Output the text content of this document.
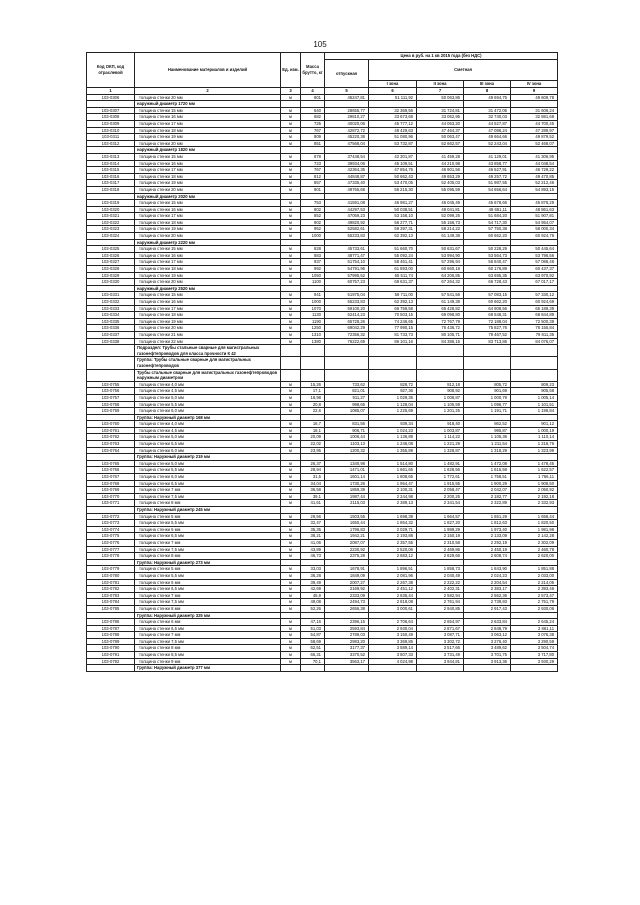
105
Код ОКП, код отраслевой	Наименование материалов и изделий	Ед. изм.	Масса брутто, кг	Цена в руб. на 1 кв 2015 года (без НДС)				
				отпускная	Сметная			
					I зона	II зона	III зона	IV зона
1	2	3	4	5	6	7	8	9
103-0306	толщина стенки 20 мм	м	801	45247,81	51 111,92	50 063,86	49 694,75	49 609,78
	наружный диаметр 1720 мм							
103-0307	толщина стенки 15 мм	м	640	28655,77	32 369,56	31 724,81	31 472,06	31 608,24
103-0308	толщина стенки 16 мм	м	682	29810,27	33 673,68	33 062,95	32 740,03	32 881,68
103-0309	толщина стенки 17 мм	м	725	40020,06	45 777,12	44 063,20	44 527,87	44 700,45
103-0310	толщина стенки 18 мм	м	767	42872,72	48 429,63	47 464,37	47 086,24	47 289,97
103-0311	толщина стенки 19 мм	м	809	45220,38	51 080,96	50 063,47	49 664,66	49 879,52
103-0312	толщина стенки 20 мм	м	851	47568,04	53 732,87	52 662,57	52 243,04	52 468,07
	наружный диаметр 1820 мм							
103-0313	толщина стенки 15 мм	м	678	37448,54	42 301,87	41 459,28	41 129,01	41 306,95
103-0314	толщина стенки 16 мм	м	723	39934,06	45 109,51	44 210,98	43 858,77	44 048,54
103-0315	толщина стенки 17 мм	м	767	42364,35	47 854,76	46 901,56	46 527,91	46 729,22
103-0316	толщина стенки 18 мм	м	812	44848,87	50 662,43	49 653,29	49 257,72	49 470,85
103-0317	толщина стенки 19 мм	м	857	47335,40	53 470,05	52 405,03	51 987,55	52 212,46
103-0318	толщина стенки 20 мм	м	901	49765,68	56 215,30	55 095,59	54 656,64	54 893,15
	наружный диаметр 2020 мм							
103-0319	толщина стенки 15 мм	м	753	41591,08	46 981,27	46 045,49	45 678,66	45 876,29
103-0320	толщина стенки 16 мм	м	802	44297,53	50 038,51	49 041,81	48 651,11	48 861,63
103-0321	толщина стенки 17 мм	м	852	47059,23	53 158,10	52 099,25	51 684,20	51 907,81
103-0322	толщина стенки 18 мм	м	902	49820,92	56 277,71	55 156,73	54 717,30	54 954,07
103-0323	толщина стенки 19 мм	м	952	52582,61	59 397,31	58 214,22	57 750,38	58 000,34
103-0324	толщина стенки 20 мм	м	1000	55233,83	62 392,13	61 149,38	60 662,20	60 924,76
	наружный диаметр 2220 мм							
103-0325	толщина стенки 15 мм	м	828	45733,61	51 660,70	50 631,67	50 228,29	50 445,64
103-0326	толщина стенки 16 мм	м	883	48771,47	55 092,24	53 994,90	53 564,73	53 796,56
103-0327	толщина стенки 17 мм	м	937	51754,10	58 461,41	57 296,94	56 840,47	57 086,46
103-0328	толщина стенки 18 мм	м	992	54791,96	61 893,00	60 660,18	60 176,89	60 437,37
103-0329	толщина стенки 19 мм	м	1050	57995,52	65 511,74	64 206,85	63 695,35	63 970,92
103-0330	толщина стенки 20 мм	м	1100	60757,23	68 631,37	67 264,32	66 728,43	67 017,17
	наружный диаметр 2520 мм							
103-0331	толщина стенки 15 мм	м	941	51975,04	58 711,00	57 541,56	57 083,15	57 330,12
103-0332	толщина стенки 16 мм	м	1000	55233,83	62 392,13	61 149,38	60 662,20	60 924,69
103-0333	толщина стенки 17 мм	м	1070	59100,20	66 759,58	65 428,82	64 908,56	65 189,39
103-0334	толщина стенки 18 мм	м	1130	62414,23	70 503,15	69 098,80	68 548,31	68 844,89
103-0335	толщина стенки 19 мм	м	1190	65728,26	74 246,65	72 767,79	72 188,04	72 500,39
103-0336	толщина стенки 20 мм	м	1250	69042,29	77 990,15	76 436,72	75 827,76	76 155,84
103-0337	толщина стенки 21 мм	м	1310	72356,32	81 733,73	80 105,71	79 467,52	79 811,35
103-0338	толщина стенки 22 мм	м	1380	76222,69	86 101,16	84 386,15	83 713,86	84 076,07
	Подраздел: Трубы стальные сварные для магистральных газонефтепроводов для класса прочности К 42							
	Группа: Трубы стальные сварные для магистральных газонефтепроводов							
	Трубы стальные сварные для магистральных газонефтепроводов наружным диаметром							
103-0755	толщина стенки 4,0 мм	м	15,26	733,62	828,72	812,18	805,72	809,23
103-0756	толщина стенки 4,5 мм	м	17,1	821,01	927,36	908,92	901,69	905,58
103-0757	толщина стенки 5,0 мм	м	18,98	911,27	1 029,35	1 008,87	1 000,79	1 005,14
103-0758	толщина стенки 5,5 мм	м	20,8	998,65	1 128,04	1 105,59	1 096,77	1 101,51
103-0759	толщина стенки 6,0 мм	м	22,6	1085,07	1 225,69	1 201,25	1 191,71	1 196,84
	Группа: Наружный диаметр 168 мм							
103-0760	толщина стенки 4,0 мм	м	16,7	831,56	939,34	918,40	862,52	901,12
103-0761	толщина стенки 4,5 мм	м	18,1	906,71	1 024,23	1 003,87	995,87	1 000,19
103-0762	толщина стенки 5,0 мм	м	20,09	1006,44	1 136,89	1 114,22	1 105,36	1 110,14
103-0763	толщина стенки 5,5 мм	м	22,02	1103,13	1 246,08	1 221,29	1 211,54	1 216,76
103-0764	толщина стенки 6,0 мм	м	23,95	1200,32	1 355,89	1 328,87	1 318,29	1 323,99
	Группа: Наружный диаметр 219 мм							
103-0765	толщина стенки 5,0 мм	м	26,37	1340,98	1 514,80	1 482,91	1 472,08	1 478,45
103-0766	толщина стенки 5,5 мм	м	28,94	1471,01	1 661,65	1 628,56	1 615,58	1 622,57
103-0767	толщина стенки 6,0 мм	м	31,5	1601,14	1 808,65	1 772,61	1 758,51	1 766,11
103-0768	толщина стенки 6,5 мм	м	34,04	1730,26	1 954,47	1 915,55	1 900,29	1 908,50
103-0769	толщина стенки 7 мм	м	36,58	1859,39	2 100,31	2 058,47	2 042,07	2 050,92
103-0770	толщина стенки 7,5 мм	м	39,1	1987,44	2 244,98	2 200,25	2 182,77	2 192,18
103-0771	толщина стенки 8 мм	м	41,61	2115,03	2 389,13	2 341,54	2 322,89	2 332,93
	Группа: Наружный диаметр 245 мм							
103-0772	толщина стенки 5 мм	м	29,56	1503,55	1 698,39	1 664,57	1 651,29	1 658,44
103-0773	толщина стенки 5,5 мм	м	32,47	1650,44	1 864,32	1 827,20	1 812,63	1 820,50
103-0774	толщина стенки 6 мм	м	35,35	1796,83	2 029,71	1 989,29	1 973,40	1 981,98
103-0775	толщина стенки 6,5 мм	м	38,21	1942,21	2 193,88	2 150,19	2 133,09	2 142,28
103-0776	толщина стенки 7 мм	м	41,06	2087,07	2 357,55	2 310,58	2 292,19	2 302,09
103-0777	толщина стенки 7,5 мм	м	43,89	2230,92	2 520,06	2 469,86	2 450,19	2 460,78
103-0778	толщина стенки 8 мм	м	46,73	2375,28	2 683,12	2 629,66	2 608,74	2 620,00
	Группа: Наружный диаметр 273 мм							
103-0779	толщина стенки 5 мм	м	33,03	1678,91	1 896,51	1 858,73	1 843,90	1 851,88
103-0780	толщина стенки 5,5 мм	м	36,28	1849,09	2 081,96	2 040,49	2 024,23	2 033,00
103-0781	толщина стенки 6 мм	м	39,49	2007,27	2 267,38	2 222,22	2 204,54	2 214,05
103-0782	толщина стенки 6,5 мм	м	42,69	2169,92	2 451,12	2 402,31	2 383,17	2 393,46
103-0783	толщина стенки 7 мм	м	45,9	2333,09	2 635,44	2 582,94	2 562,36	2 573,47
103-0784	толщина стенки 7,5 мм	м	49,08	2494,73	2 818,08	2 761,94	2 739,93	2 751,79
103-0785	толщина стенки 8 мм	м	52,26	2656,38	3 000,61	2 940,85	2 917,43	2 930,06
	Группа: Наружный диаметр 325 мм							
103-0786	толщина стенки 6 мм	м	47,16	2396,15	2 706,64	2 654,97	2 633,84	2 645,24
103-0787	толщина стенки 6,5 мм	м	51,03	2593,84	2 930,04	2 871,67	2 848,79	2 861,11
103-0788	толщина стенки 7 мм	м	54,87	2789,03	3 150,49	3 087,71	3 063,12	3 076,38
103-0789	толщина стенки 7,5 мм	м	58,69	2983,20	3 369,85	3 302,72	3 276,40	3 290,59
103-0790	толщина стенки 8 мм	м	62,51	3177,37	3 589,14	3 517,66	3 489,62	3 504,74
103-0791	толщина стенки 8,5 мм	м	66,31	3370,52	3 807,33	3 731,49	3 701,75	3 717,80
103-0792	толщина стенки 9 мм	м	70,1	3563,17	4 024,98	3 944,81	3 913,36	3 930,29
	Группа: Наружный диаметр 377 мм							
